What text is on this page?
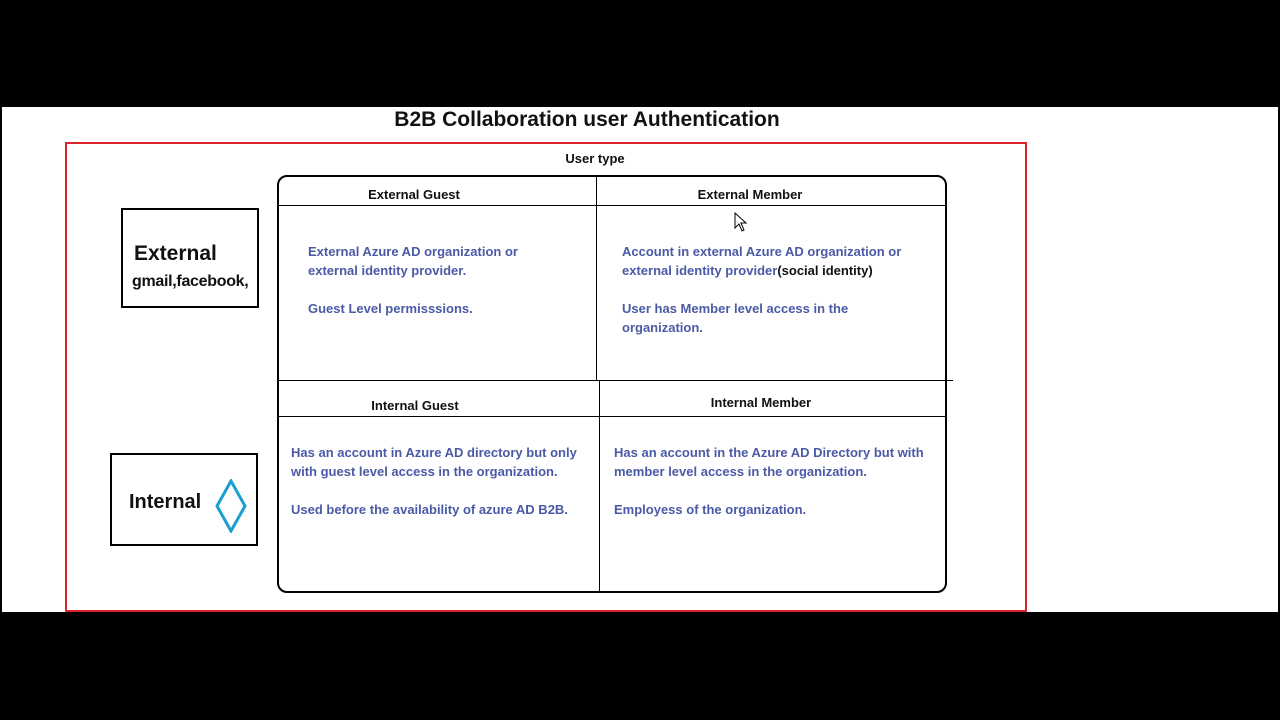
B2B Collaboration user Authentication
User type
External
gmail,facebook,
Internal
External Guest	External Member
Internal Guest	Internal Member

External Azure AD organization or external identity provider.

Guest Level permisssions.

Account in external Azure AD organization or external identity provider(social identity)

User has Member level access in the organization.

Has an account in Azure AD directory but only with guest level access in the organization.

Used before the availability of azure AD B2B.

Has an account in the Azure AD Directory but with member level access in the organization.

Employess of the organization.
